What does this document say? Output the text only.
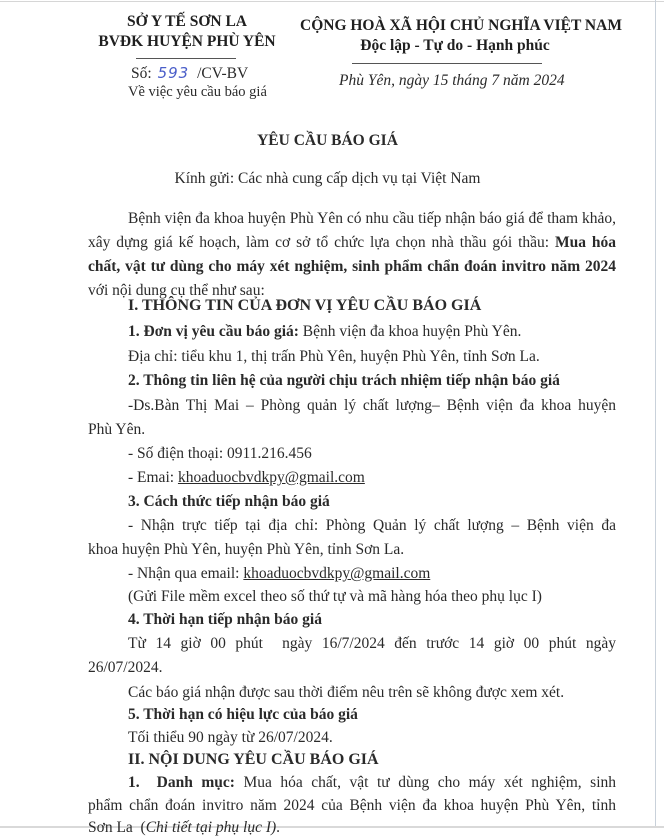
SỞ Y TẾ SƠN LA
BVĐK HUYỆN PHÙ YÊN
Số: 593 /CV-BV
Về việc yêu cầu báo giá
CỘNG HOÀ XÃ HỘI CHỦ NGHĨA VIỆT NAM
Độc lập - Tự do - Hạnh phúc
Phù Yên, ngày 15 tháng 7 năm 2024
YÊU CẦU BÁO GIÁ
Kính gửi: Các nhà cung cấp dịch vụ tại Việt Nam
Bệnh viện đa khoa huyện Phù Yên có nhu cầu tiếp nhận báo giá để tham khảo, xây dựng giá kế hoạch, làm cơ sở tổ chức lựa chọn nhà thầu gói thầu: Mua hóa chất, vật tư dùng cho máy xét nghiệm, sinh phẩm chẩn đoán invitro năm 2024 với nội dung cụ thể như sau:
I. THÔNG TIN CỦA ĐƠN VỊ YÊU CẦU BÁO GIÁ
1. Đơn vị yêu cầu báo giá: Bệnh viện đa khoa huyện Phù Yên.
Địa chỉ: tiểu khu 1, thị trấn Phù Yên, huyện Phù Yên, tỉnh Sơn La.
2. Thông tin liên hệ của người chịu trách nhiệm tiếp nhận báo giá
-Ds.Bàn Thị Mai – Phòng quản lý chất lượng– Bệnh viện đa khoa huyện
Phù Yên.
- Số điện thoại: 0911.216.456
- Emai: khoaduocbvdkpy@gmail.com
3. Cách thức tiếp nhận báo giá
- Nhận trực tiếp tại địa chỉ: Phòng Quản lý chất lượng – Bệnh viện đa
khoa huyện Phù Yên, huyện Phù Yên, tỉnh Sơn La.
- Nhận qua email: khoaduocbvdkpy@gmail.com
(Gửi File mềm excel theo số thứ tự và mã hàng hóa theo phụ lục I)
4. Thời hạn tiếp nhận báo giá
Từ 14 giờ 00 phút  ngày 16/7/2024 đến trước 14 giờ 00 phút ngày
26/07/2024.
Các báo giá nhận được sau thời điểm nêu trên sẽ không được xem xét.
5. Thời hạn có hiệu lực của báo giá
Tối thiểu 90 ngày từ 26/07/2024.
II. NỘI DUNG YÊU CẦU BÁO GIÁ
1.  Danh mục: Mua hóa chất, vật tư dùng cho máy xét nghiệm, sinh
phẩm chẩn đoán invitro năm 2024 của Bệnh viện đa khoa huyện Phù Yên, tỉnh
Sơn La  (Chi tiết tại phụ lục I).
